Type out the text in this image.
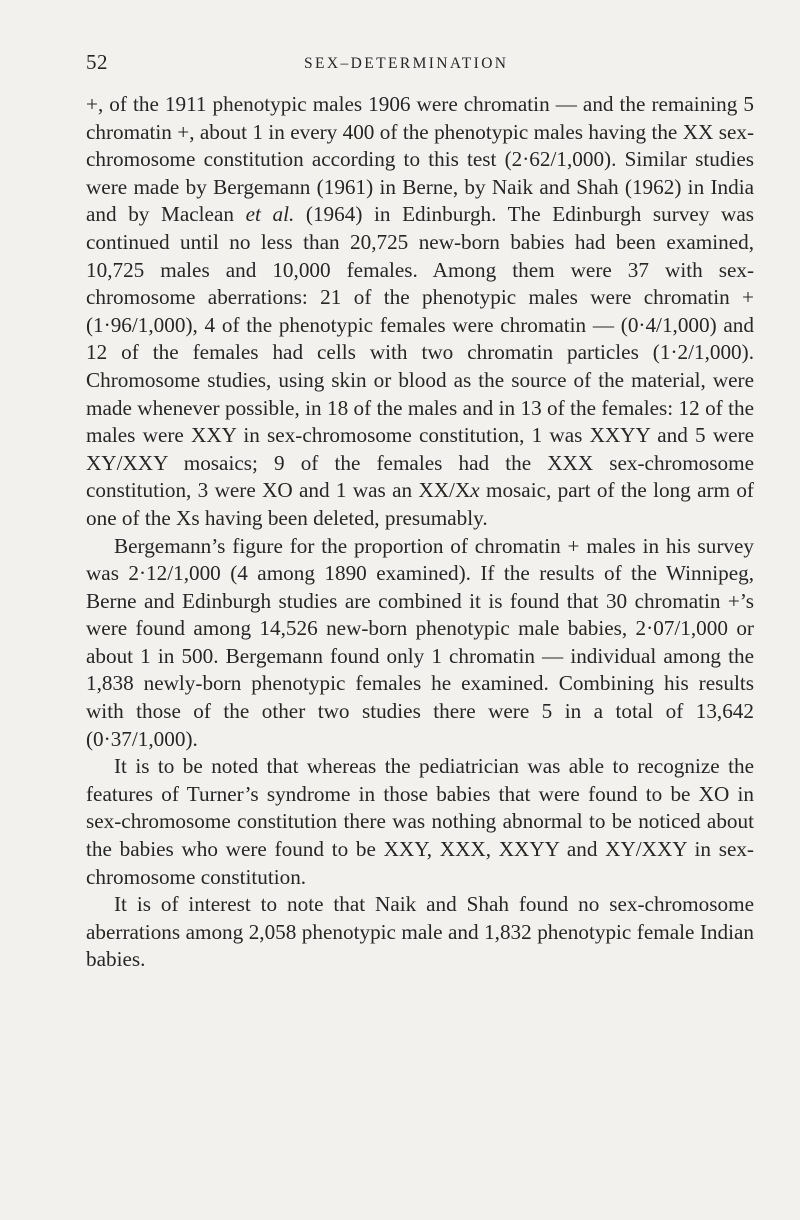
52	SEX–DETERMINATION

+, of the 1911 phenotypic males 1906 were chromatin — and the remaining 5 chromatin +, about 1 in every 400 of the phenotypic males having the XX sex-chromosome constitution according to this test (2·62/1,000). Similar studies were made by Bergemann (1961) in Berne, by Naik and Shah (1962) in India and by Maclean et al. (1964) in Edinburgh. The Edinburgh survey was continued until no less than 20,725 new-born babies had been examined, 10,725 males and 10,000 females. Among them were 37 with sex-chromosome aberrations: 21 of the phenotypic males were chromatin + (1·96/1,000), 4 of the phenotypic females were chromatin — (0·4/1,000) and 12 of the females had cells with two chromatin particles (1·2/1,000). Chromosome studies, using skin or blood as the source of the material, were made whenever possible, in 18 of the males and in 13 of the females: 12 of the males were XXY in sex-chromosome constitution, 1 was XXYY and 5 were XY/XXY mosaics; 9 of the females had the XXX sex-chromosome constitution, 3 were XO and 1 was an XX/Xx mosaic, part of the long arm of one of the Xs having been deleted, presumably.

Bergemann’s figure for the proportion of chromatin + males in his survey was 2·12/1,000 (4 among 1890 examined). If the results of the Winnipeg, Berne and Edinburgh studies are combined it is found that 30 chromatin +’s were found among 14,526 new-born phenotypic male babies, 2·07/1,000 or about 1 in 500. Bergemann found only 1 chromatin — individual among the 1,838 newly-born phenotypic females he examined. Combining his results with those of the other two studies there were 5 in a total of 13,642 (0·37/1,000).

It is to be noted that whereas the pediatrician was able to recognize the features of Turner’s syndrome in those babies that were found to be XO in sex-chromosome constitution there was nothing abnormal to be noticed about the babies who were found to be XXY, XXX, XXYY and XY/XXY in sex-chromosome constitution.

It is of interest to note that Naik and Shah found no sex-chromosome aberrations among 2,058 phenotypic male and 1,832 phenotypic female Indian babies.
